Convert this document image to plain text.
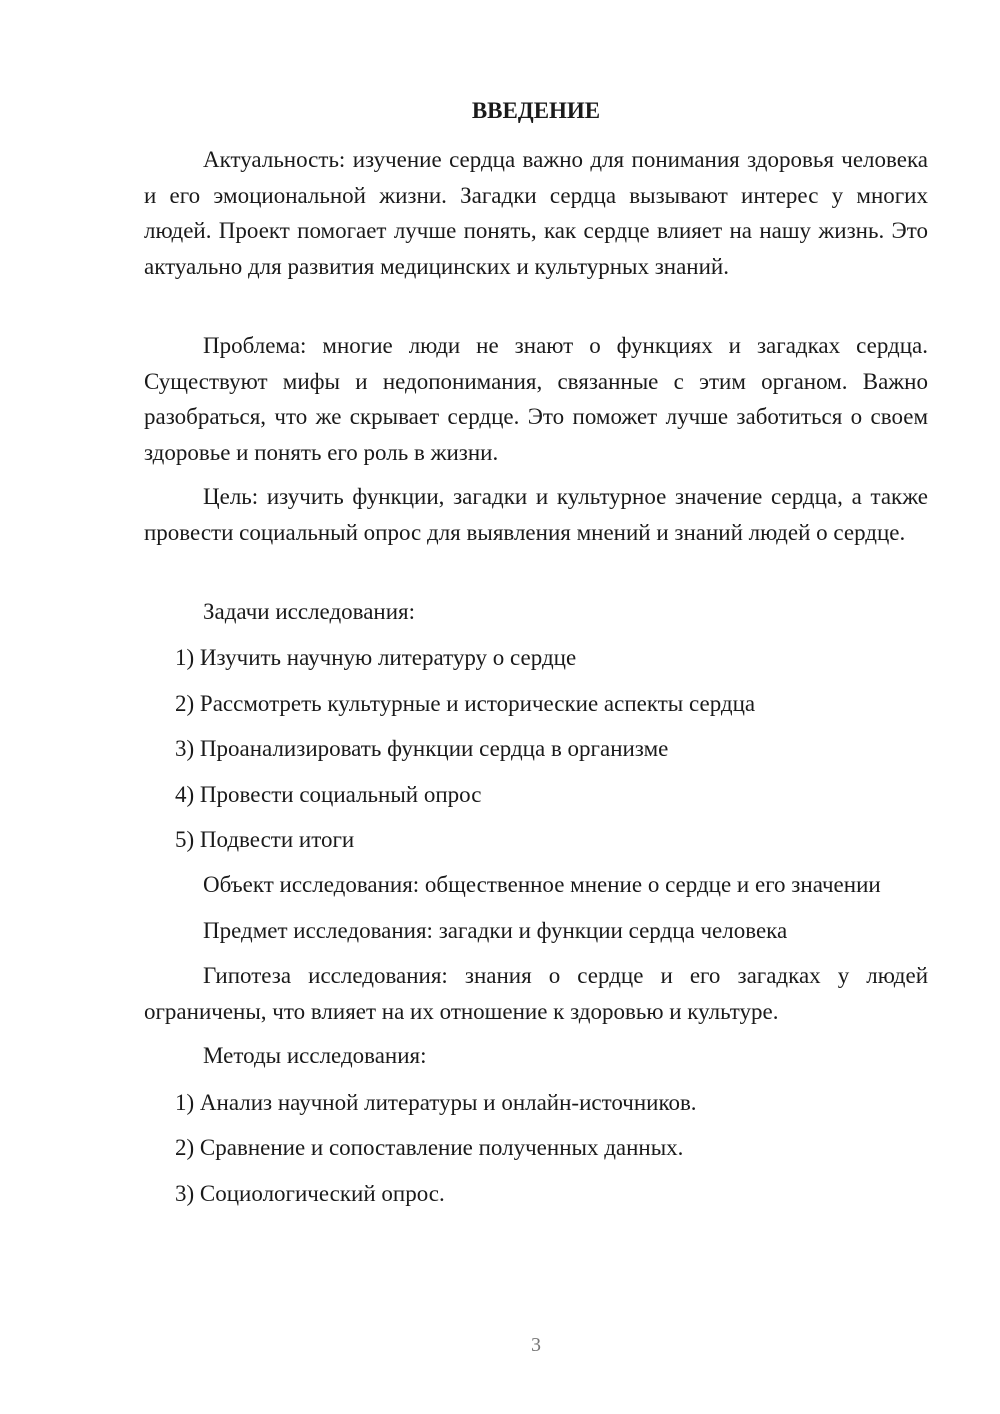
ВВЕДЕНИЕ

Актуальность: изучение сердца важно для понимания здоровья человека и его эмоциональной жизни. Загадки сердца вызывают интерес у многих людей. Проект помогает лучше понять, как сердце влияет на нашу жизнь. Это актуально для развития медицинских и культурных знаний.

Проблема: многие люди не знают о функциях и загадках сердца. Существуют мифы и недопонимания, связанные с этим органом. Важно разобраться, что же скрывает сердце. Это поможет лучше заботиться о своем здоровье и понять его роль в жизни.

Цель: изучить функции, загадки и культурное значение сердца, а также провести социальный опрос для выявления мнений и знаний людей о сердце.

Задачи исследования:

1) Изучить научную литературу о сердце

2) Рассмотреть культурные и исторические аспекты сердца

3) Проанализировать функции сердца в организме

4) Провести социальный опрос

5) Подвести итоги

Объект исследования: общественное мнение о сердце и его значении

Предмет исследования: загадки и функции сердца человека

Гипотеза исследования: знания о сердце и его загадках у людей ограничены, что влияет на их отношение к здоровью и культуре.

Методы исследования:

1) Анализ научной литературы и онлайн-источников.

2) Сравнение и сопоставление полученных данных.

3) Социологический опрос.

3
